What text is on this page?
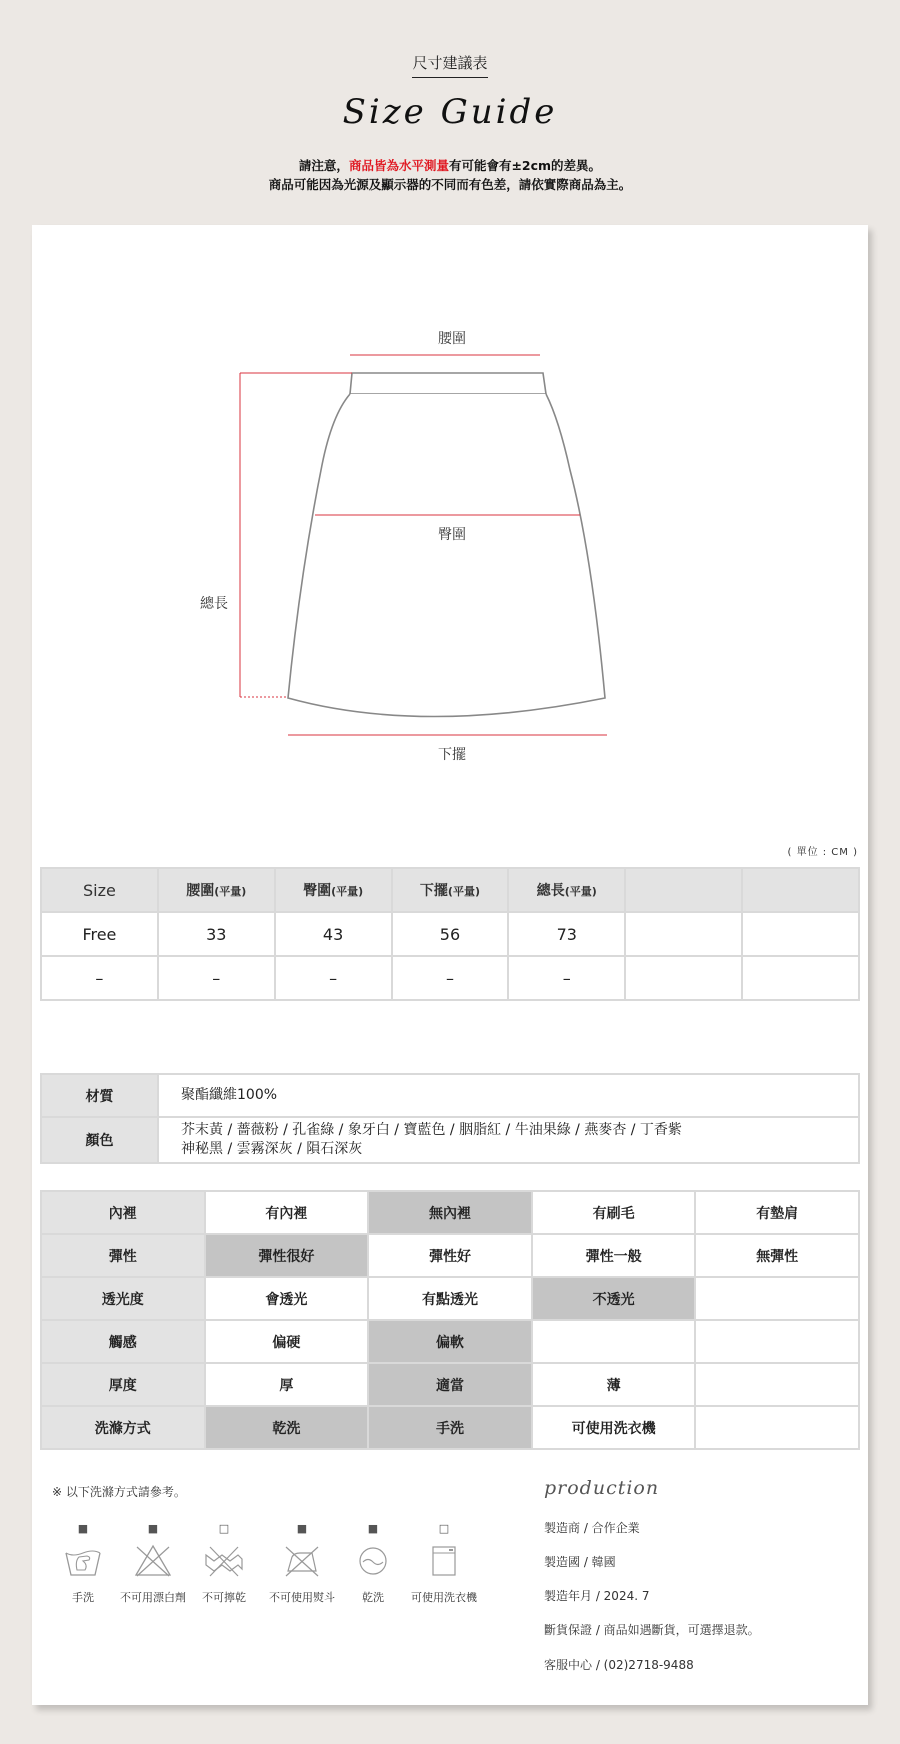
尺寸建議表
Size Guide
請注意，商品皆為水平測量有可能會有±2cm的差異。
商品可能因為光源及顯示器的不同而有色差，請依實際商品為主。
腰圍
臀圍
總長
下擺
( 單位 : CM )
Size	腰圍(平量)	臀圍(平量)	下擺(平量)	總長(平量)		
Free	33	43	56	73		
–	–	–	–	–		
材質	聚酯纖維100%
顏色	芥末黃 / 薔薇粉 / 孔雀綠 / 象牙白 / 寶藍色 / 胭脂紅 / 牛油果綠 / 燕麥杏 / 丁香紫
神秘黑 / 雲霧深灰 / 隕石深灰
內裡	有內裡	無內裡	有刷毛	有墊肩
彈性	彈性很好	彈性好	彈性一般	無彈性
透光度	會透光	有點透光	不透光	
觸感	偏硬	偏軟		
厚度	厚	適當	薄	
洗滌方式	乾洗	手洗	可使用洗衣機	
※ 以下洗滌方式請參考。
■
手洗
■
不可用漂白劑
□
不可擰乾
■
不可使用熨斗
■
乾洗
□
可使用洗衣機
production
製造商 / 合作企業
製造國 / 韓國
製造年月 / 2024. 7
斷貨保證 / 商品如遇斷貨，可選擇退款。
客服中心 / (02)2718-9488
